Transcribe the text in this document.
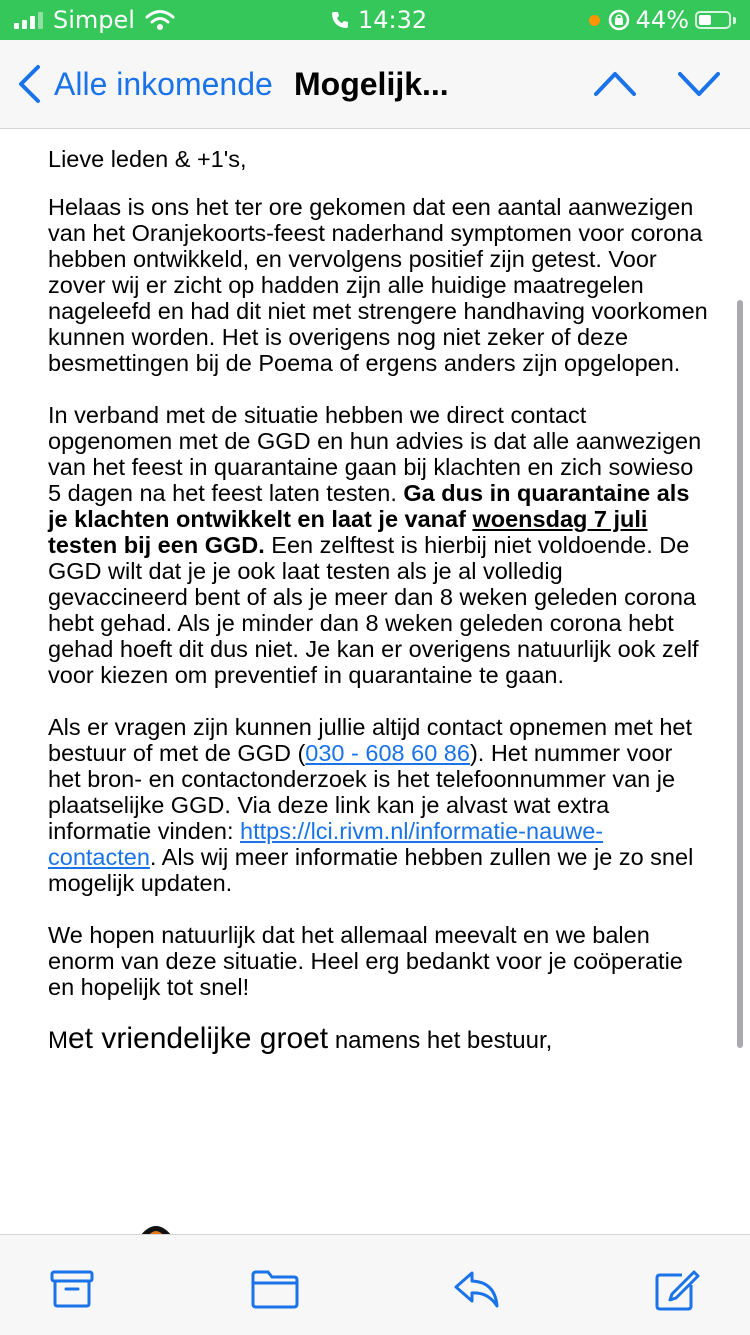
Simpel	14:32	44%
Alle inkomende Mogelijk...

Lieve leden & +1's,

Helaas is ons het ter ore gekomen dat een aantal aanwezigen van het Oranjekoorts-feest naderhand symptomen voor corona hebben ontwikkeld, en vervolgens positief zijn getest. Voor zover wij er zicht op hadden zijn alle huidige maatregelen nageleefd en had dit niet met strengere handhaving voorkomen kunnen worden. Het is overigens nog niet zeker of deze besmettingen bij de Poema of ergens anders zijn opgelopen.

In verband met de situatie hebben we direct contact opgenomen met de GGD en hun advies is dat alle aanwezigen van het feest in quarantaine gaan bij klachten en zich sowieso 5 dagen na het feest laten testen. Ga dus in quarantaine als je klachten ontwikkelt en laat je vanaf woensdag 7 juli testen bij een GGD. Een zelftest is hierbij niet voldoende. De GGD wilt dat je je ook laat testen als je al volledig gevaccineerd bent of als je meer dan 8 weken geleden corona hebt gehad. Als je minder dan 8 weken geleden corona hebt gehad hoeft dit dus niet. Je kan er overigens natuurlijk ook zelf voor kiezen om preventief in quarantaine te gaan.

Als er vragen zijn kunnen jullie altijd contact opnemen met het bestuur of met de GGD (030 - 608 60 86). Het nummer voor het bron- en contactonderzoek is het telefoonnummer van je plaatselijke GGD. Via deze link kan je alvast wat extra informatie vinden: https://lci.rivm.nl/informatie-nauwe-contacten. Als wij meer informatie hebben zullen we je zo snel mogelijk updaten.

We hopen natuurlijk dat het allemaal meevalt en we balen enorm van deze situatie. Heel erg bedankt voor je coöperatie en hopelijk tot snel!

Met vriendelijke groet namens het bestuur,
